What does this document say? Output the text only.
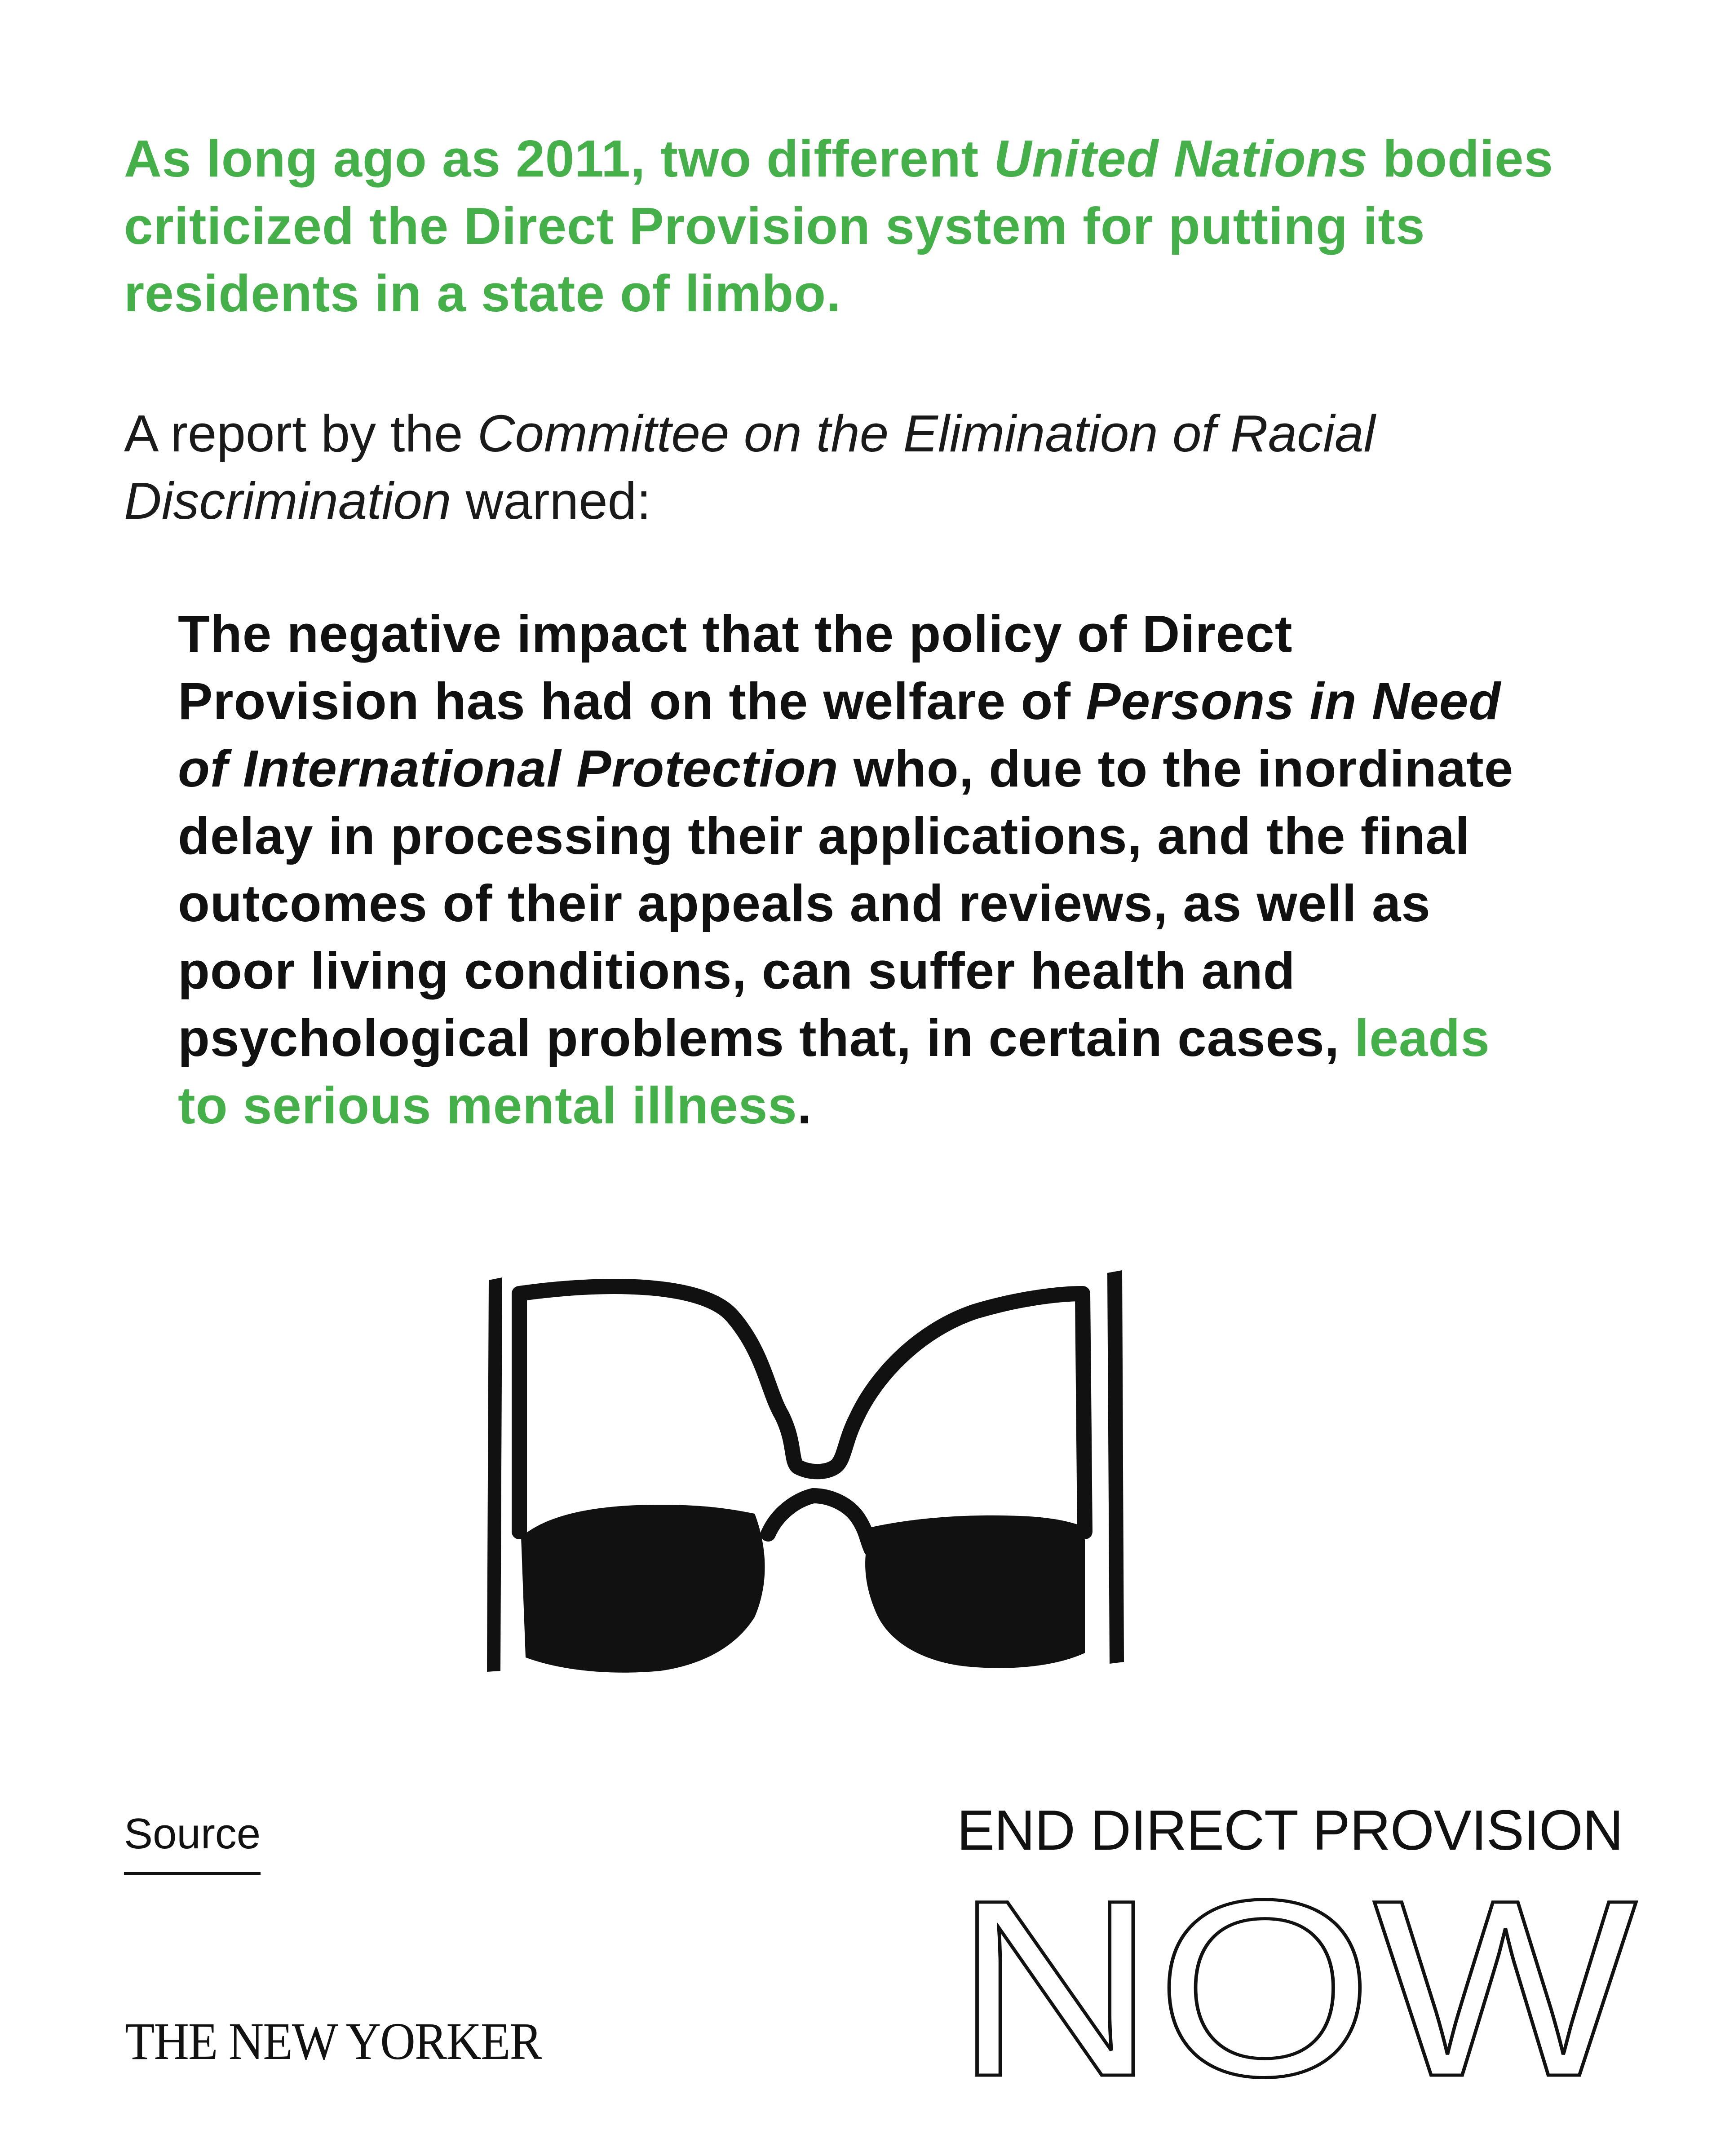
As long ago as 2011, two different United Nations bodies criticized the Direct Provision system for putting its residents in a state of limbo.

A report by the Committee on the Elimination of Racial Discrimination warned:

The negative impact that the policy of Direct Provision has had on the welfare of Persons in Need of International Protection who, due to the inordinate delay in processing their applications, and the final outcomes of their appeals and reviews, as well as poor living conditions, can suffer health and psychological problems that, in certain cases, leads to serious mental illness.
Source
THE NEW YORKER
END DIRECT PROVISION
NOW
